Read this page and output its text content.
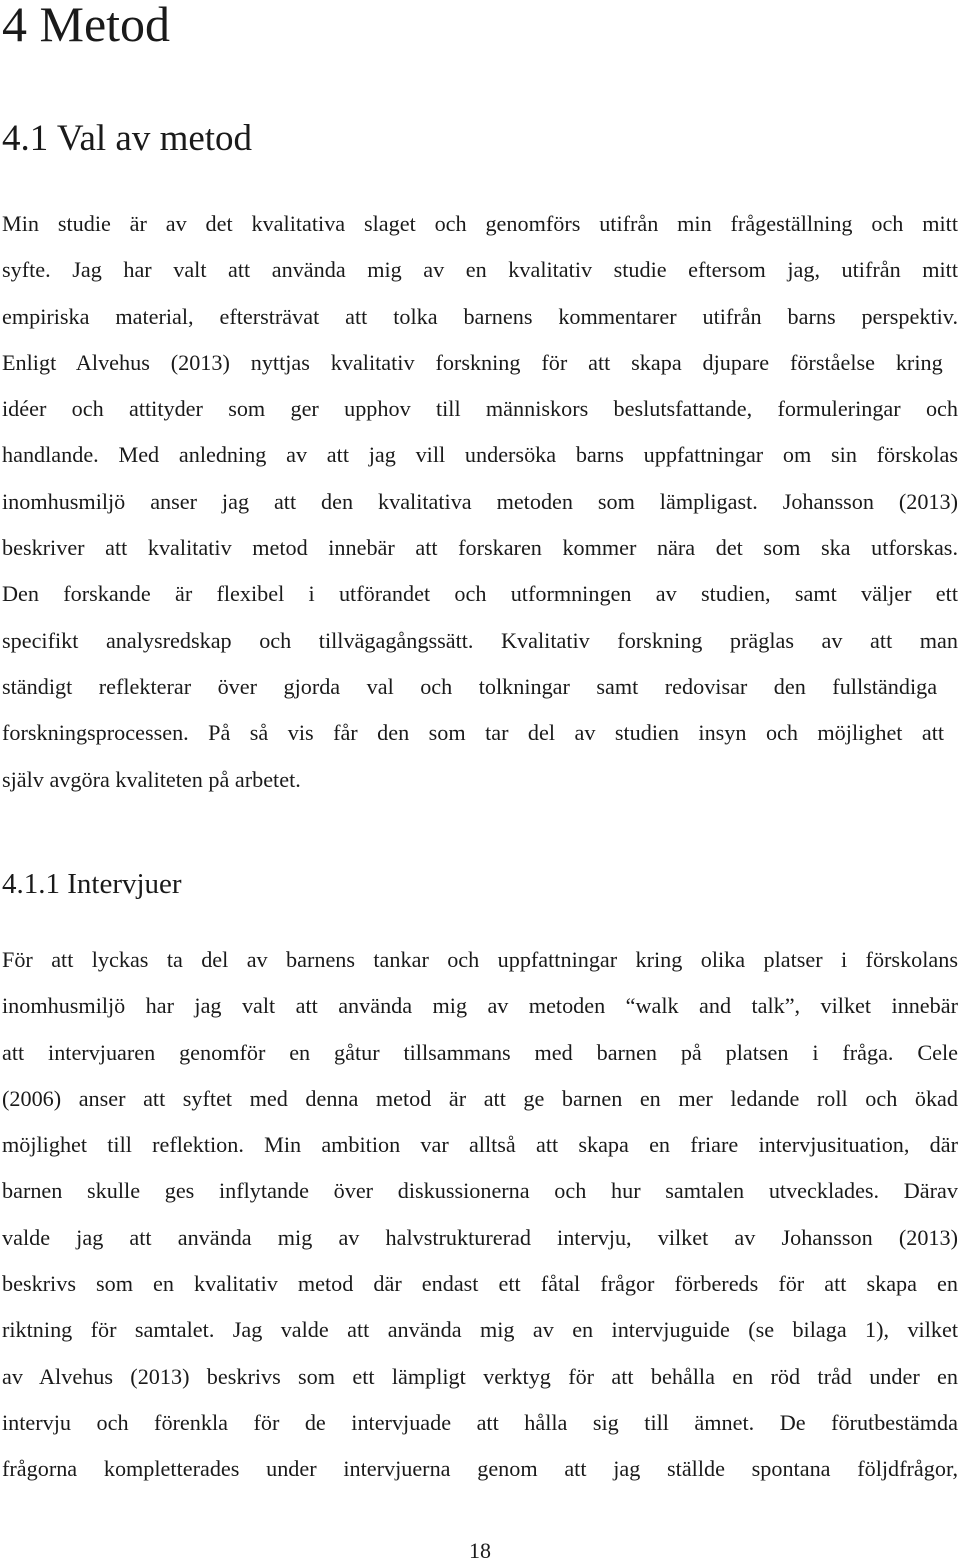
4 Metod
4.1 Val av metod
Min studie är av det kvalitativa slaget och genomförs utifrån min frågeställning och mitt
syfte. Jag har valt att använda mig av en kvalitativ studie eftersom jag, utifrån mitt
empiriska material, eftersträvat att tolka barnens kommentarer utifrån barns perspektiv.
Enligt Alvehus (2013) nyttjas kvalitativ forskning för att skapa djupare förståelse kring
idéer och attityder som ger upphov till människors beslutsfattande, formuleringar och
handlande. Med anledning av att jag vill undersöka barns uppfattningar om sin förskolas
inomhusmiljö anser jag att den kvalitativa metoden som lämpligast. Johansson (2013)
beskriver att kvalitativ metod innebär att forskaren kommer nära det som ska utforskas.
Den forskande är flexibel i utförandet och utformningen av studien, samt väljer ett
specifikt analysredskap och tillvägagångssätt. Kvalitativ forskning präglas av att man
ständigt reflekterar över gjorda val och tolkningar samt redovisar den fullständiga
forskningsprocessen. På så vis får den som tar del av studien insyn och möjlighet att
själv avgöra kvaliteten på arbetet.
4.1.1 Intervjuer
För att lyckas ta del av barnens tankar och uppfattningar kring olika platser i förskolans
inomhusmiljö har jag valt att använda mig av metoden “walk and talk”, vilket innebär
att intervjuaren genomför en gåtur tillsammans med barnen på platsen i fråga. Cele
(2006) anser att syftet med denna metod är att ge barnen en mer ledande roll och ökad
möjlighet till reflektion. Min ambition var alltså att skapa en friare intervjusituation, där
barnen skulle ges inflytande över diskussionerna och hur samtalen utvecklades. Därav
valde jag att använda mig av halvstrukturerad intervju, vilket av Johansson (2013)
beskrivs som en kvalitativ metod där endast ett fåtal frågor förbereds för att skapa en
riktning för samtalet. Jag valde att använda mig av en intervjuguide (se bilaga 1), vilket
av Alvehus (2013) beskrivs som ett lämpligt verktyg för att behålla en röd tråd under en
intervju och förenkla för de intervjuade att hålla sig till ämnet. De förutbestämda
frågorna kompletterades under intervjuerna genom att jag ställde spontana följdfrågor,
18
